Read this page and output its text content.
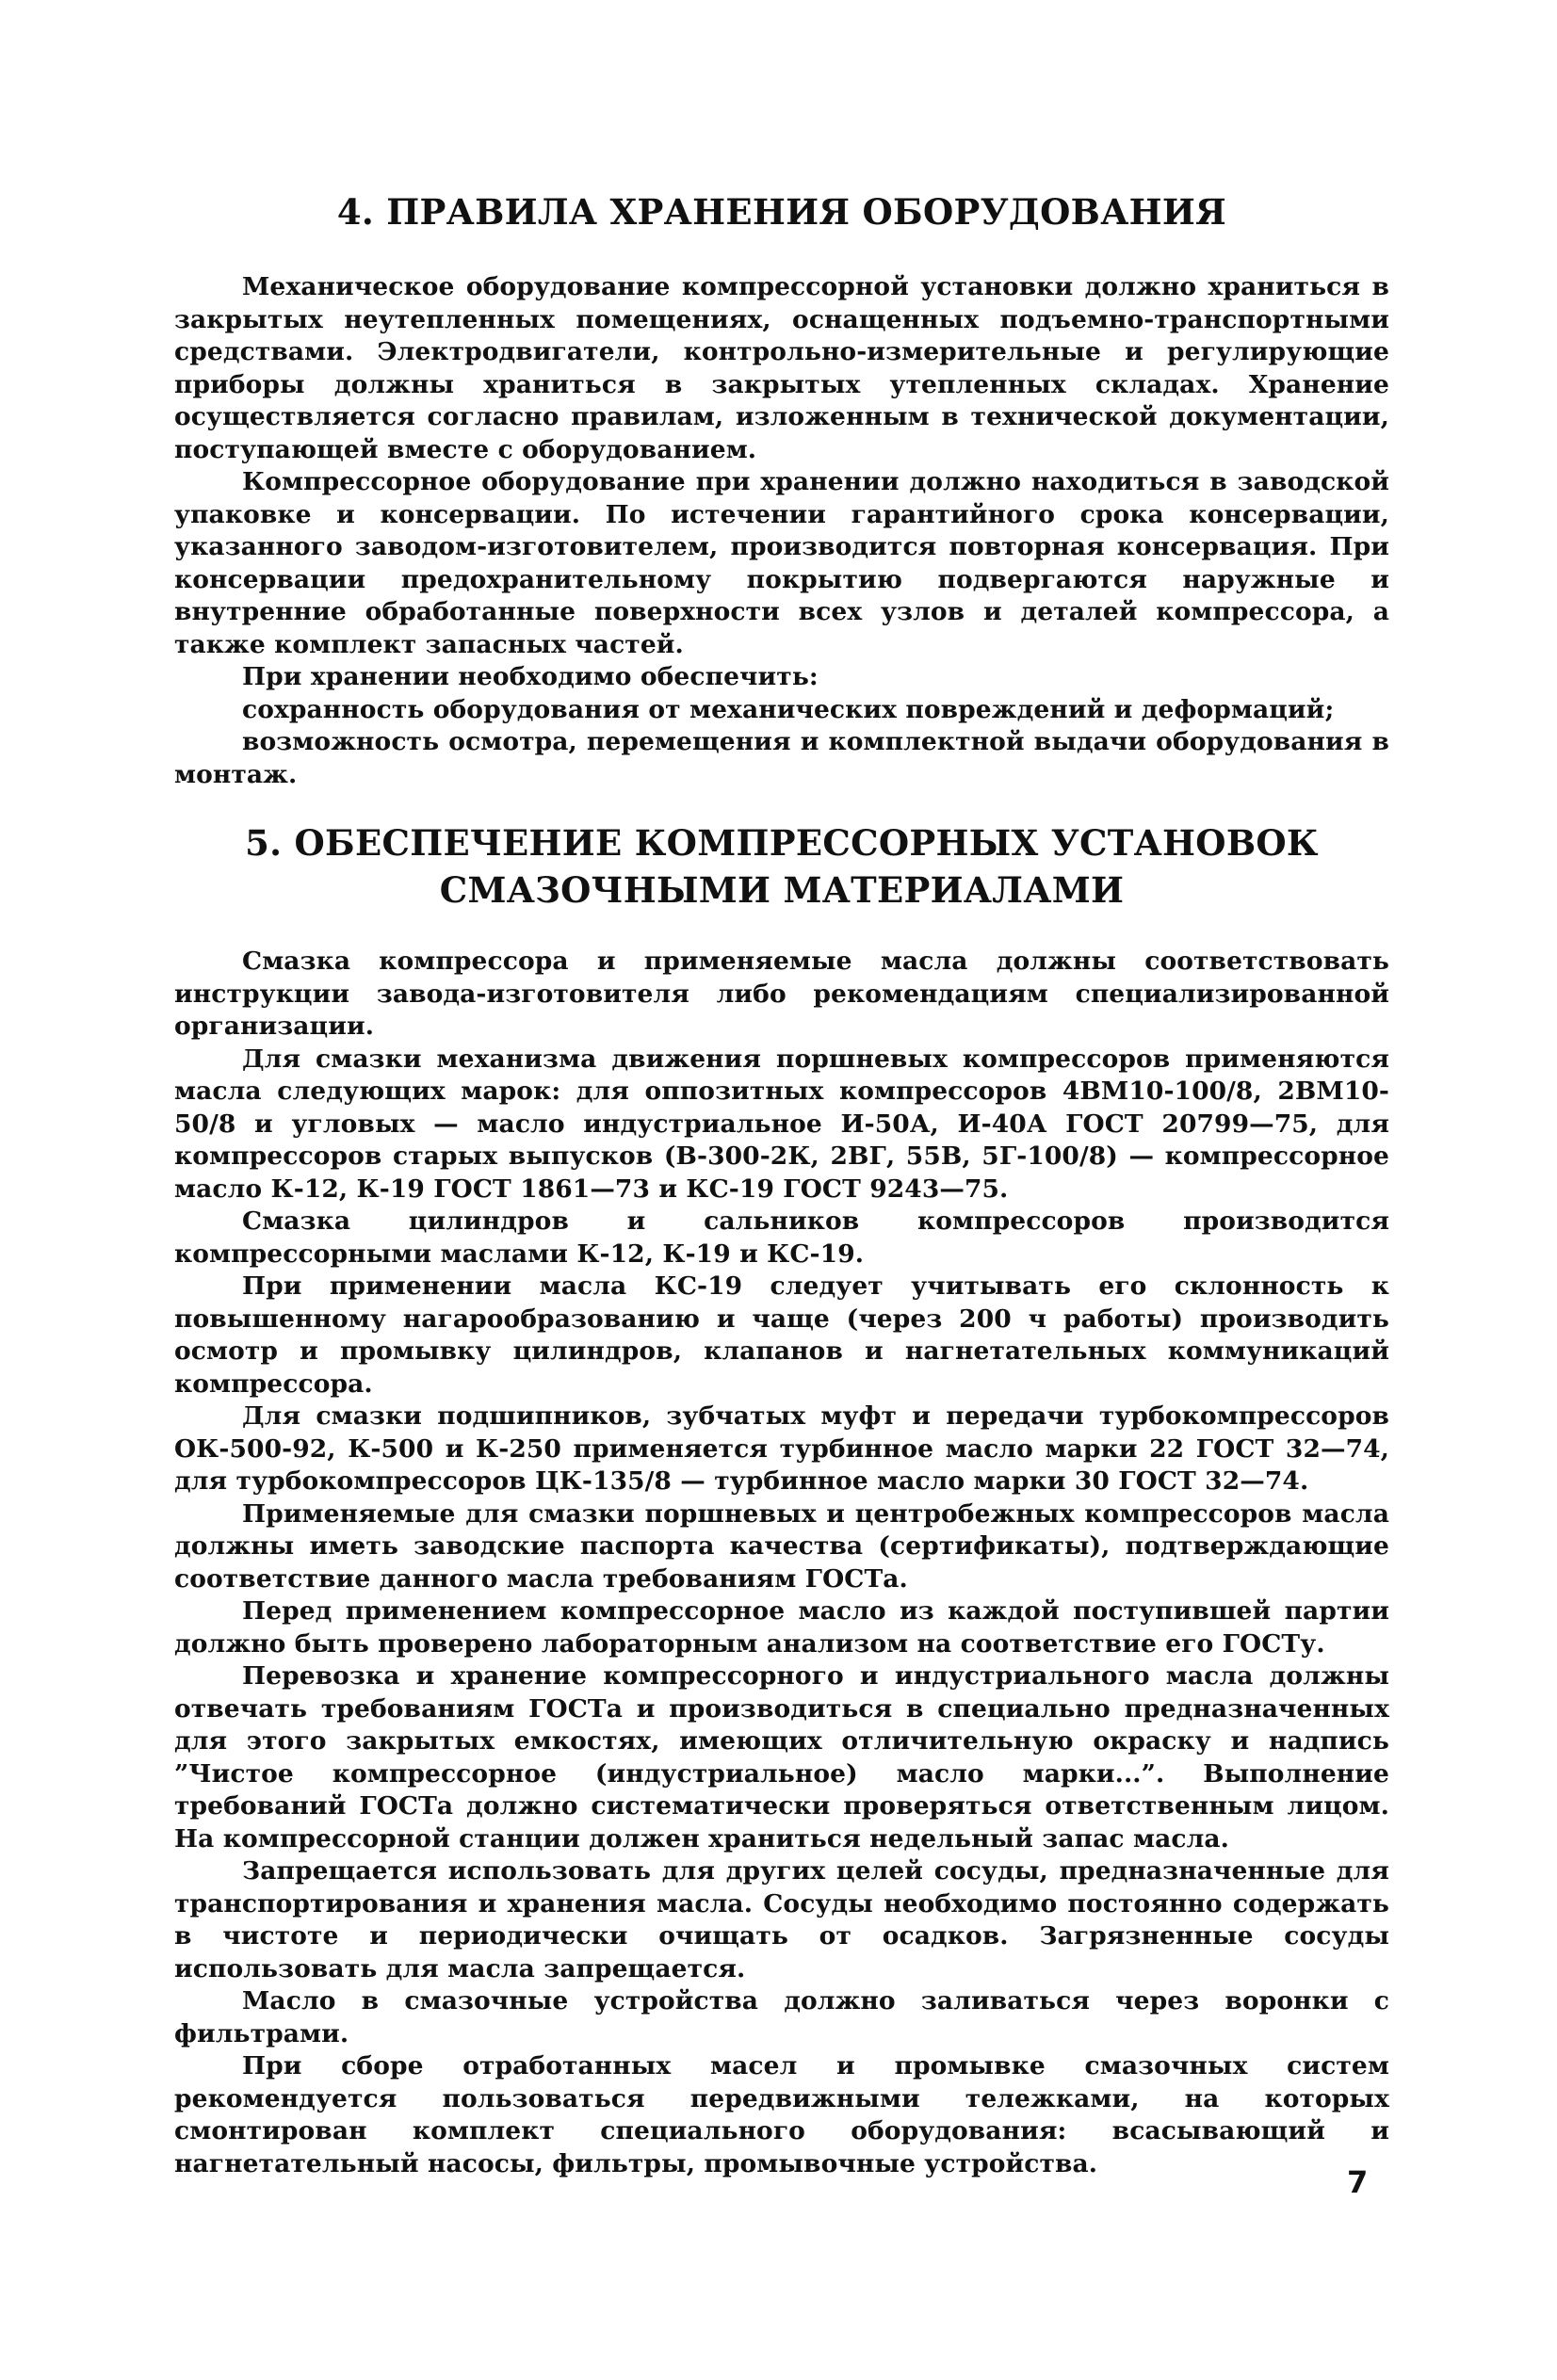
4. ПРАВИЛА ХРАНЕНИЯ ОБОРУДОВАНИЯ

Механическое оборудование компрессорной установки должно храниться в закрытых неутепленных помещениях, оснащенных подъемно-транспортными средствами. Электродвигатели, контрольно-измерительные и регулирующие приборы должны храниться в закрытых утепленных складах. Хранение осуществляется согласно правилам, изложенным в технической документации, поступающей вместе с оборудованием.

Компрессорное оборудование при хранении должно находиться в заводской упаковке и консервации. По истечении гарантийного срока консервации, указанного заводом-изготовителем, производится повторная консервация. При консервации предохранительному покрытию подвергаются наружные и внутренние обработанные поверхности всех узлов и деталей компрессора, а также комплект запасных частей.

При хранении необходимо обеспечить:

сохранность оборудования от механических повреждений и деформаций;

возможность осмотра, перемещения и комплектной выдачи оборудования в монтаж.

5. ОБЕСПЕЧЕНИЕ КОМПРЕССОРНЫХ УСТАНОВОК
СМАЗОЧНЫМИ МАТЕРИАЛАМИ

Смазка компрессора и применяемые масла должны соответствовать инструкции завода-изготовителя либо рекомендациям специализированной организации.

Для смазки механизма движения поршневых компрессоров применяются масла следующих марок: для оппозитных компрессоров 4ВМ10-100/8, 2ВМ10-50/8 и угловых — масло индустриальное И-50А, И-40А ГОСТ 20799—75, для компрессоров старых выпусков (В-300-2К, 2ВГ, 55В, 5Г-100/8) — компрессорное масло К-12, К-19 ГОСТ 1861—73 и КС-19 ГОСТ 9243—75.

Смазка цилиндров и сальников компрессоров производится компрессорными маслами К-12, К-19 и КС-19.

При применении масла КС-19 следует учитывать его склонность к повышенному нагарообразованию и чаще (через 200 ч работы) производить осмотр и промывку цилиндров, клапанов и нагнетательных коммуникаций компрессора.

Для смазки подшипников, зубчатых муфт и передачи турбокомпрессоров ОК-500-92, К-500 и К-250 применяется турбинное масло марки 22 ГОСТ 32—74, для турбокомпрессоров ЦК-135/8 — турбинное масло марки 30 ГОСТ 32—74.

Применяемые для смазки поршневых и центробежных компрессоров масла должны иметь заводские паспорта качества (сертификаты), подтверждающие соответствие данного масла требованиям ГОСТа.

Перед применением компрессорное масло из каждой поступившей партии должно быть проверено лабораторным анализом на соответствие его ГОСТу.

Перевозка и хранение компрессорного и индустриального масла должны отвечать требованиям ГОСТа и производиться в специально предназначенных для этого закрытых емкостях, имеющих отличительную окраску и надпись ”Чистое компрессорное (индустриальное) масло марки...”. Выполнение требований ГОСТа должно систематически проверяться ответственным лицом. На компрессорной станции должен храниться недельный запас масла.

Запрещается использовать для других целей сосуды, предназначенные для транспортирования и хранения масла. Сосуды необходимо постоянно содержать в чистоте и периодически очищать от осадков. Загрязненные сосуды использовать для масла запрещается.

Масло в смазочные устройства должно заливаться через воронки с фильтрами.

При сборе отработанных масел и промывке смазочных систем рекомендуется пользоваться передвижными тележками, на которых смонтирован комплект специального оборудования: всасывающий и нагнетательный насосы, фильтры, промывочные устройства.

7
